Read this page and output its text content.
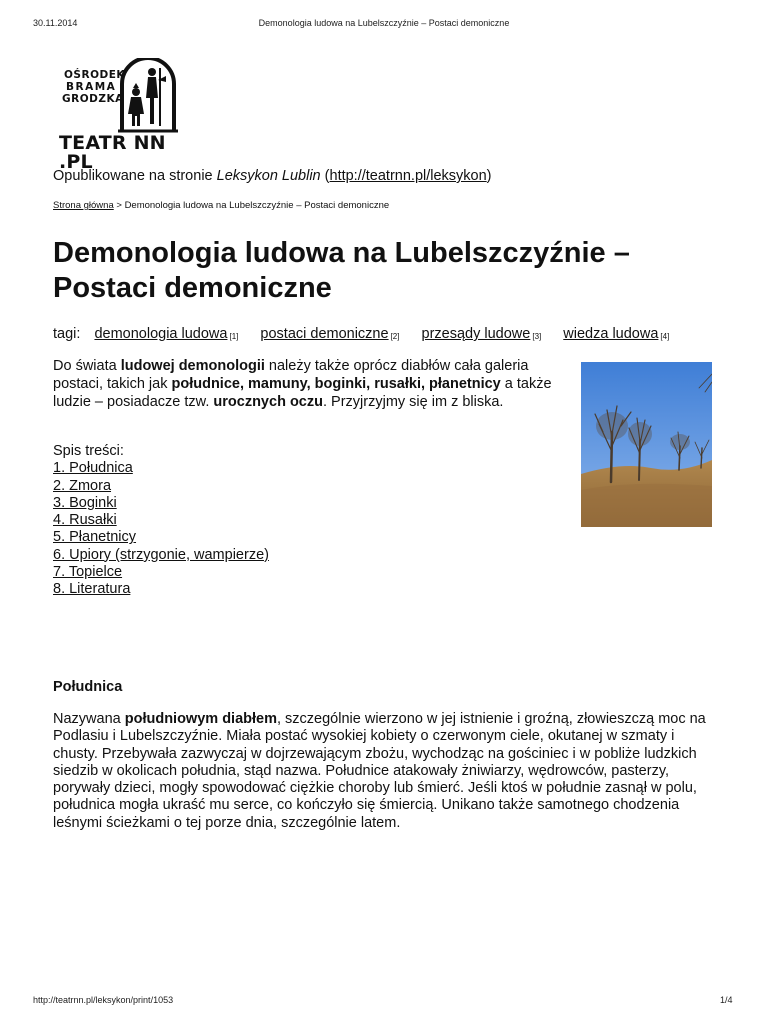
30.11.2014	Demonologia ludowa na Lubelszczyźnie – Postaci demoniczne
OŚRODEK
BRAMA
GRODZKA
TEATR NN .PL
Opublikowane na stronie Leksykon Lublin (http://teatrnn.pl/leksykon)
Strona główna > Demonologia ludowa na Lubelszczyźnie – Postaci demoniczne
Demonologia ludowa na Lubelszczyźnie – Postaci demoniczne
tagi: demonologia ludowa [1] postaci demoniczne [2] przesądy ludowe [3] wiedza ludowa [4]
Do świata ludowej demonologii należy także oprócz diabłów cała galeria postaci, takich jak południce, mamuny, boginki, rusałki, płanetnicy a także ludzie – posiadacze tzw. urocznych oczu. Przyjrzyjmy się im z bliska.
Spis treści:
1. Południca
2. Zmora
3. Boginki
4. Rusałki
5. Płanetnicy
6. Upiory (strzygonie, wampierze)
7. Topielce
8. Literatura
Południca
Nazywana południowym diabłem, szczególnie wierzono w jej istnienie i groźną, złowieszczą moc na Podlasiu i Lubelszczyźnie. Miała postać wysokiej kobiety o czerwonym ciele, okutanej w szmaty i chusty. Przebywała zazwyczaj w dojrzewającym zbożu, wychodząc na gościniec i w pobliże ludzkich siedzib w okolicach południa, stąd nazwa. Południce atakowały żniwiarzy, wędrowców, pasterzy, porywały dzieci, mogły spowodować ciężkie choroby lub śmierć. Jeśli ktoś w południe zasnął w polu, południca mogła ukraść mu serce, co kończyło się śmiercią. Unikano także samotnego chodzenia leśnymi ścieżkami o tej porze dnia, szczególnie latem.
http://teatrnn.pl/leksykon/print/1053	1/4
